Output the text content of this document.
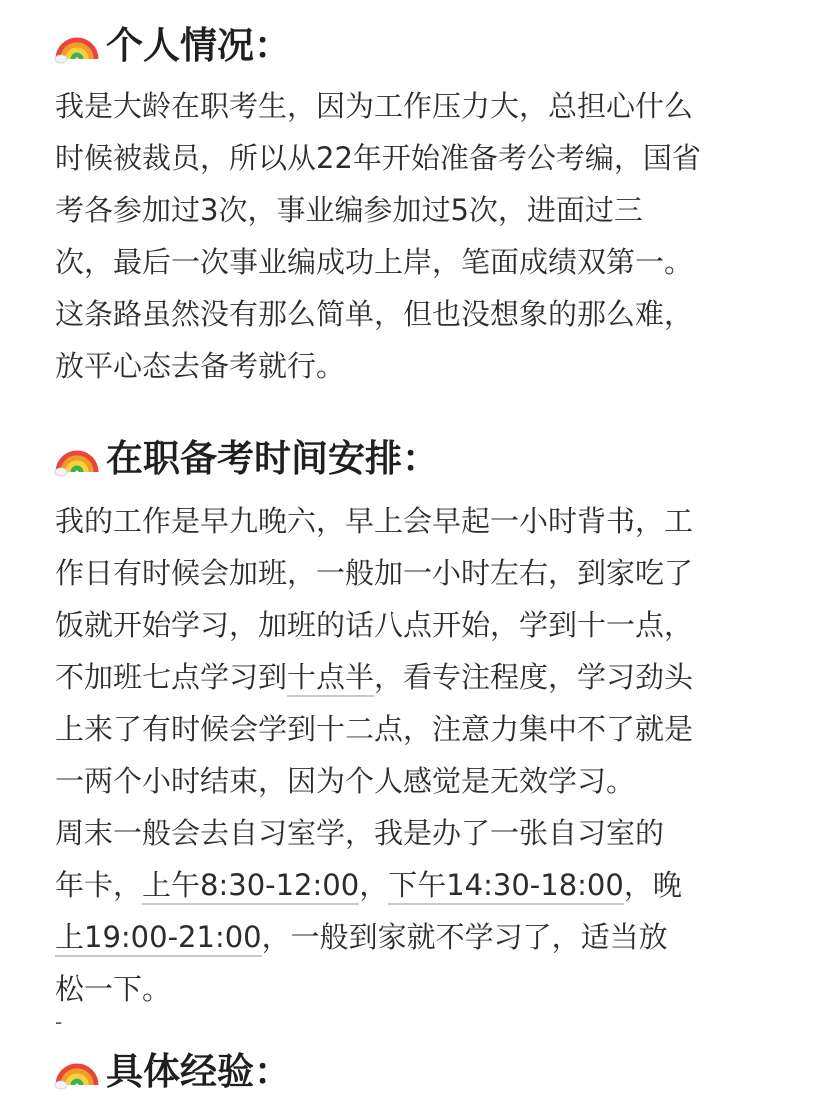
个人情况：
我是大龄在职考生，因为工作压力大，总担心什么
时候被裁员，所以从22年开始准备考公考编，国省
考各参加过3次，事业编参加过5次，进面过三
次，最后一次事业编成功上岸，笔面成绩双第一。
这条路虽然没有那么简单，但也没想象的那么难，
放平心态去备考就行。
在职备考时间安排：
我的工作是早九晚六，早上会早起一小时背书，工
作日有时候会加班，一般加一小时左右，到家吃了
饭就开始学习，加班的话八点开始，学到十一点，
不加班七点学习到十点半，看专注程度，学习劲头
上来了有时候会学到十二点，注意力集中不了就是
一两个小时结束，因为个人感觉是无效学习。
周末一般会去自习室学，我是办了一张自习室的
年卡，上午8:30-12:00，下午14:30-18:00，晚
上19:00-21:00，一般到家就不学习了，适当放
松一下。
-
具体经验：
